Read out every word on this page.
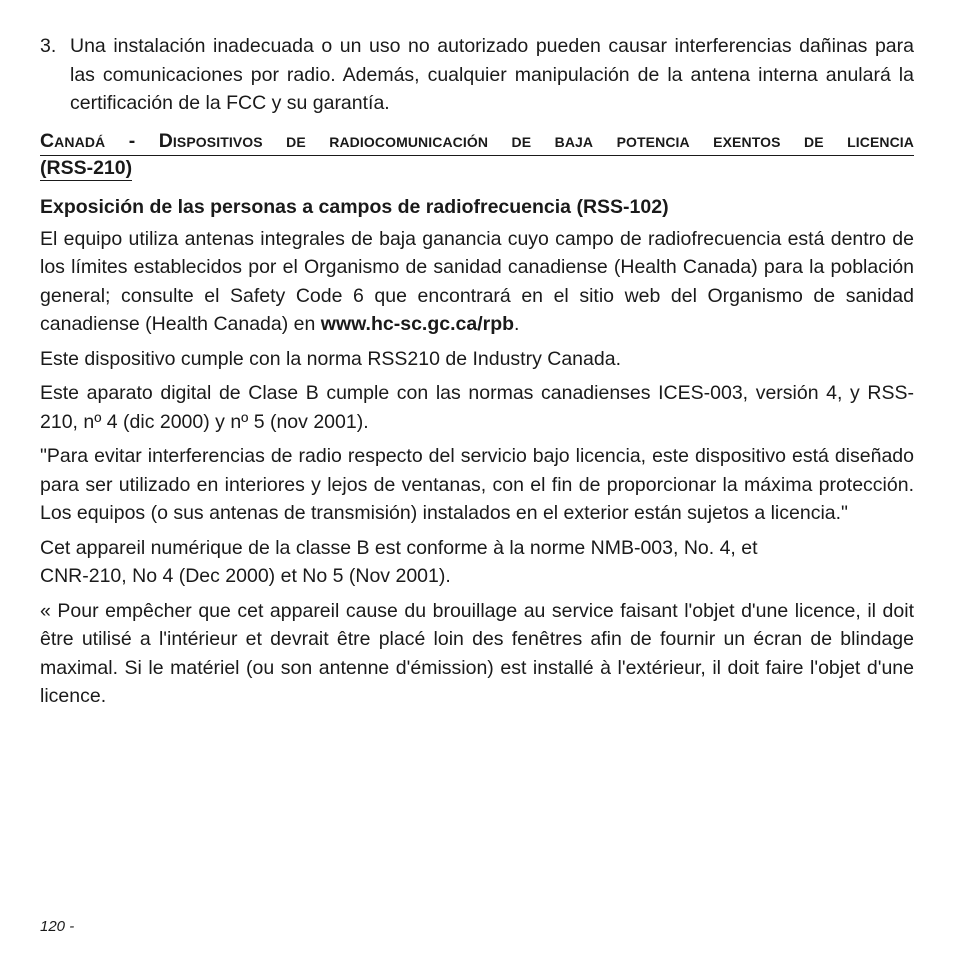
3. Una instalación inadecuada o un uso no autorizado pueden causar interferencias dañinas para las comunicaciones por radio. Además, cualquier manipulación de la antena interna anulará la certificación de la FCC y su garantía.

Canadá - Dispositivos de radiocomunicación de baja potencia exentos de licencia
(RSS-210)
Exposición de las personas a campos de radiofrecuencia (RSS-102)

El equipo utiliza antenas integrales de baja ganancia cuyo campo de radiofrecuencia está dentro de los límites establecidos por el Organismo de sanidad canadiense (Health Canada) para la población general; consulte el Safety Code 6 que encontrará en el sitio web del Organismo de sanidad canadiense (Health Canada) en www.hc-sc.gc.ca/rpb.

Este dispositivo cumple con la norma RSS210 de Industry Canada.

Este aparato digital de Clase B cumple con las normas canadienses ICES-003, versión 4, y RSS-210, nº 4 (dic 2000) y nº 5 (nov 2001).

"Para evitar interferencias de radio respecto del servicio bajo licencia, este dispositivo está diseñado para ser utilizado en interiores y lejos de ventanas, con el fin de proporcionar la máxima protección. Los equipos (o sus antenas de transmisión) instalados en el exterior están sujetos a licencia."

Cet appareil numérique de la classe B est conforme à la norme NMB-003, No. 4, et
CNR-210, No 4 (Dec 2000) et No 5 (Nov 2001).

« Pour empêcher que cet appareil cause du brouillage au service faisant l'objet d'une licence, il doit être utilisé a l'intérieur et devrait être placé loin des fenêtres afin de fournir un écran de blindage maximal. Si le matériel (ou son antenne d'émission) est installé à l'extérieur, il doit faire l'objet d'une licence.

120 -
